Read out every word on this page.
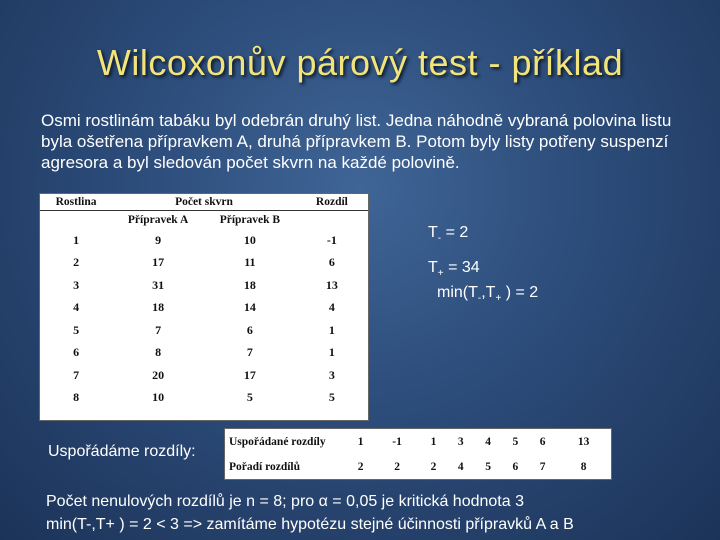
Wilcoxonův párový test - příklad
Osmi rostlinám tabáku byl odebrán druhý list. Jedna náhodně vybraná polovina listu byla ošetřena přípravkem A, druhá přípravkem B. Potom byly listy potřeny suspenzí agresora a byl sledován počet skvrn na každé polovině.
Rostlina	Počet skvrn		Rozdíl
	Přípravek A	Přípravek B	
1	9	10	-1
2	17	11	6
3	31	18	13
4	18	14	4
5	7	6	1
6	8	7	1
7	20	17	3
8	10	5	5
$T_- = 2$
$T_+ = 34$
$\min(T_-,T_+$ ) = 2
Uspořádáme rozdíly:
Uspořádané rozdíly	1	-1	1	3	4	5	6	13
Pořadí rozdílů	2	2	2	4	5	6	7	8
Počet nenulových rozdílů je n = 8; pro α = 0,05 je kritická hodnota 3
min(T-,T+ ) = 2 < 3 => zamítáme hypotézu stejné účinnosti přípravků A a B
